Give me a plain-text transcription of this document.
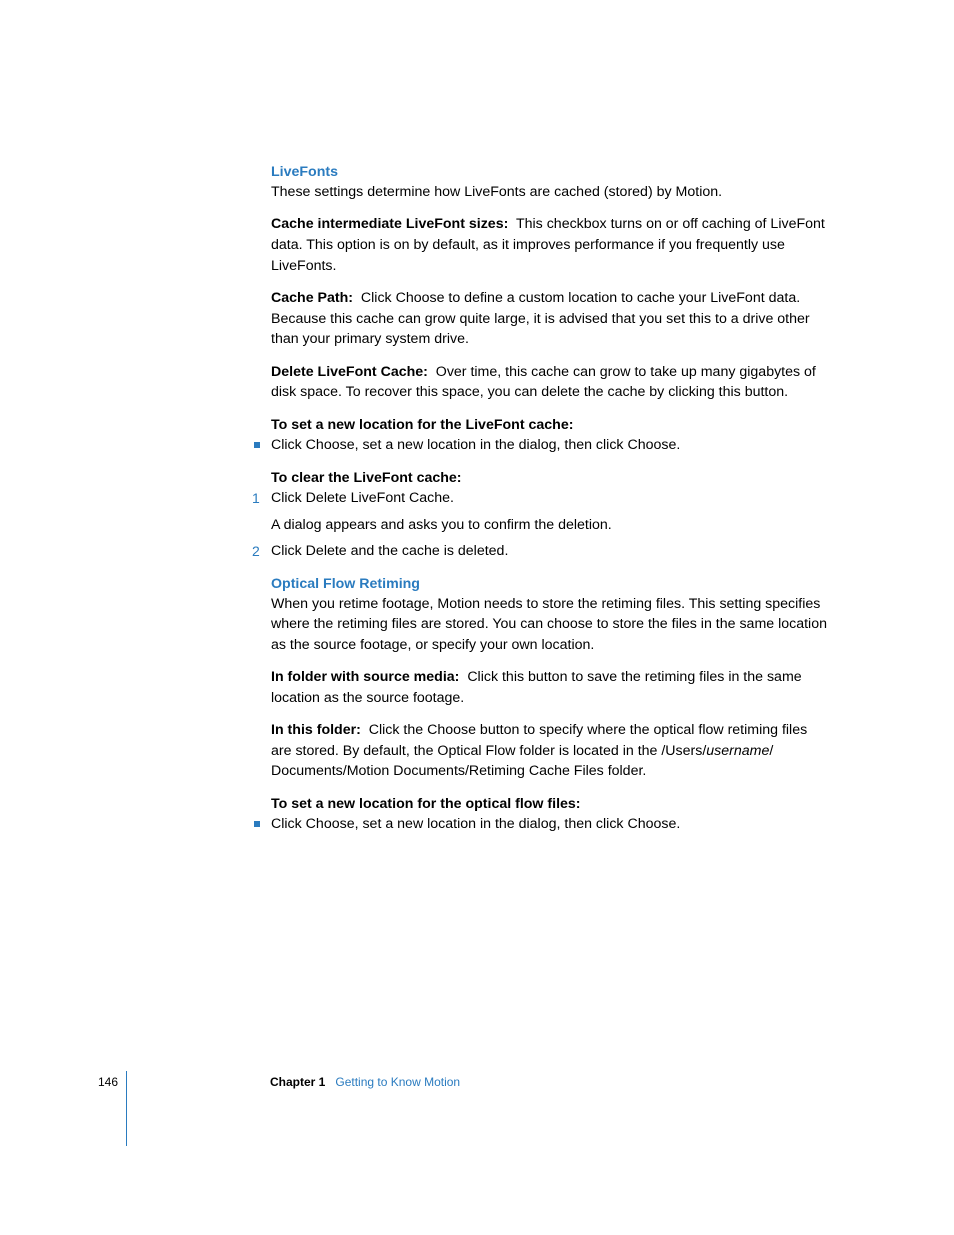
LiveFonts

These settings determine how LiveFonts are cached (stored) by Motion.

Cache intermediate LiveFont sizes: This checkbox turns on or off caching of LiveFont data. This option is on by default, as it improves performance if you frequently use LiveFonts.

Cache Path: Click Choose to define a custom location to cache your LiveFont data. Because this cache can grow quite large, it is advised that you set this to a drive other than your primary system drive.

Delete LiveFont Cache: Over time, this cache can grow to take up many gigabytes of disk space. To recover this space, you can delete the cache by clicking this button.

To set a new location for the LiveFont cache:

Click Choose, set a new location in the dialog, then click Choose.

To clear the LiveFont cache:

1 Click Delete LiveFont Cache.

A dialog appears and asks you to confirm the deletion.

2 Click Delete and the cache is deleted.
Optical Flow Retiming

When you retime footage, Motion needs to store the retiming files. This setting specifies where the retiming files are stored. You can choose to store the files in the same location as the source footage, or specify your own location.

In folder with source media: Click this button to save the retiming files in the same location as the source footage.

In this folder: Click the Choose button to specify where the optical flow retiming files are stored. By default, the Optical Flow folder is located in the /Users/username/ Documents/Motion Documents/Retiming Cache Files folder.

To set a new location for the optical flow files:

Click Choose, set a new location in the dialog, then click Choose.
146	Chapter 1 Getting to Know Motion
